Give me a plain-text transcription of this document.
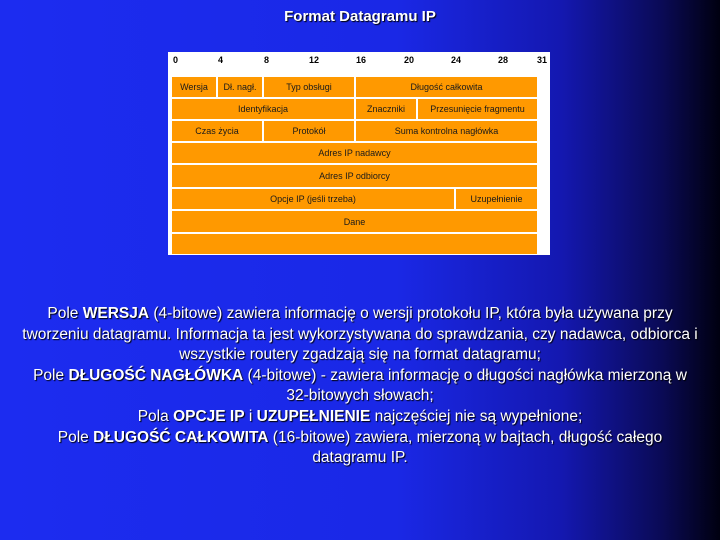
Format Datagramu IP
0	4	8	12	16	20	24	28	31
Wersja	Dł. nagł.	Typ obsługi	Długość całkowita
Identyfikacja	Znaczniki	Przesunięcie fragmentu
Czas życia	Protokół	Suma kontrolna nagłówka
Adres IP nadawcy
Adres IP odbiorcy
Opcje IP (jeśli trzeba)	Uzupełnienie
Dane
Pole WERSJA (4-bitowe) zawiera informację o wersji protokołu IP, która była używana przy tworzeniu datagramu. Informacja ta jest wykorzystywana do sprawdzania, czy nadawca, odbiorca i wszystkie routery zgadzają się na format datagramu;
Pole DŁUGOŚĆ NAGŁÓWKA (4-bitowe) - zawiera informację o długości nagłówka mierzoną w 32-bitowych słowach;
Pola OPCJE IP i UZUPEŁNIENIE najczęściej nie są wypełnione;
Pole DŁUGOŚĆ CAŁKOWITA (16-bitowe) zawiera, mierzoną w bajtach, długość całego datagramu IP.
